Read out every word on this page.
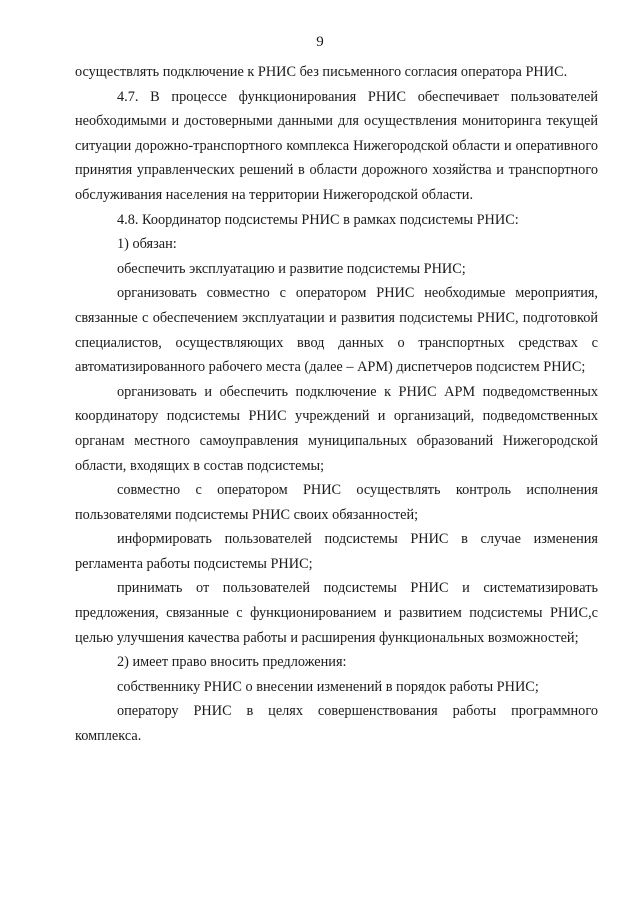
9

осуществлять подключение к РНИС без письменного согласия оператора РНИС.

4.7. В процессе функционирования РНИС обеспечивает пользователей необходимыми и достоверными данными для осуществления мониторинга текущей ситуации дорожно-транспортного комплекса Нижегородской области и оперативного принятия управленческих решений в области дорожного хозяйства и транспортного обслуживания населения на территории Нижегородской области.

4.8. Координатор подсистемы РНИС в рамках подсистемы РНИС:

1) обязан:

обеспечить эксплуатацию и развитие подсистемы РНИС;

организовать совместно с оператором РНИС необходимые мероприятия, связанные с обеспечением эксплуатации и развития подсистемы РНИС, подготовкой специалистов, осуществляющих ввод данных о транспортных средствах с автоматизированного рабочего места (далее – АРМ) диспетчеров подсистем РНИС;

организовать и обеспечить подключение к РНИС АРМ подведомственных координатору подсистемы РНИС учреждений и организаций, подведомственных органам местного самоуправления муниципальных образований Нижегородской области, входящих в состав подсистемы;

совместно с оператором РНИС осуществлять контроль исполнения пользователями подсистемы РНИС своих обязанностей;

информировать пользователей подсистемы РНИС в случае изменения регламента работы подсистемы РНИС;

принимать от пользователей подсистемы РНИС и систематизировать предложения, связанные с функционированием и развитием подсистемы РНИС,с целью улучшения качества работы и расширения функциональных возможностей;

2) имеет право вносить предложения:

собственнику РНИС о внесении изменений в порядок работы РНИС;

оператору РНИС в целях совершенствования работы программного комплекса.
